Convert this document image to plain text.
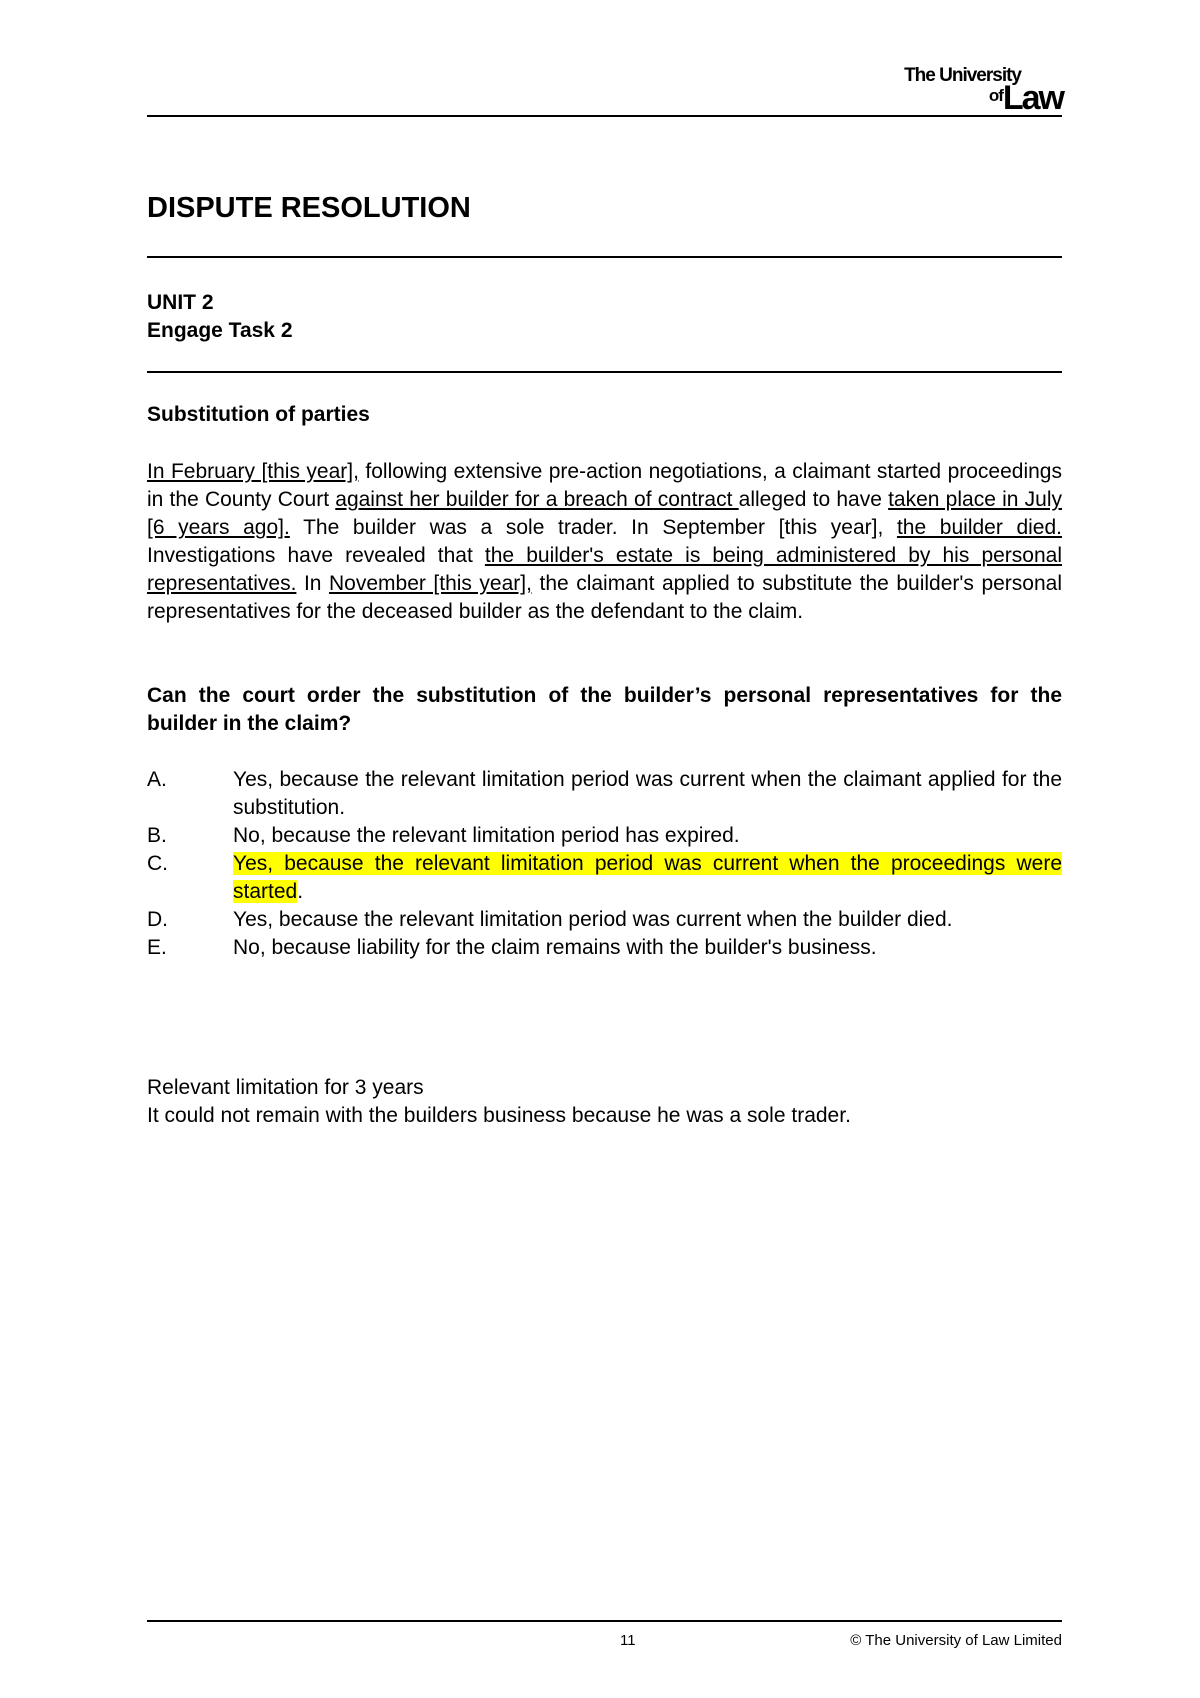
The University
ofLaw
DISPUTE RESOLUTION
UNIT 2
Engage Task 2
Substitution of parties

In February [this year], following extensive pre-action negotiations, a claimant started proceedings in the County Court against her builder for a breach of contract alleged to have taken place in July [6 years ago]. The builder was a sole trader. In September [this year], the builder died. Investigations have revealed that the builder's estate is being administered by his personal representatives. In November [this year], the claimant applied to substitute the builder's personal representatives for the deceased builder as the defendant to the claim.

Can the court order the substitution of the builder’s personal representatives for the builder in the claim?

A.	Yes, because the relevant limitation period was current when the claimant applied for the substitution.
B.	No, because the relevant limitation period has expired.
C.	Yes, because the relevant limitation period was current when the proceedings were started.
D.	Yes, because the relevant limitation period was current when the builder died.
E.	No, because liability for the claim remains with the builder's business.
Relevant limitation for 3 years
It could not remain with the builders business because he was a sole trader.
11	© The University of Law Limited
